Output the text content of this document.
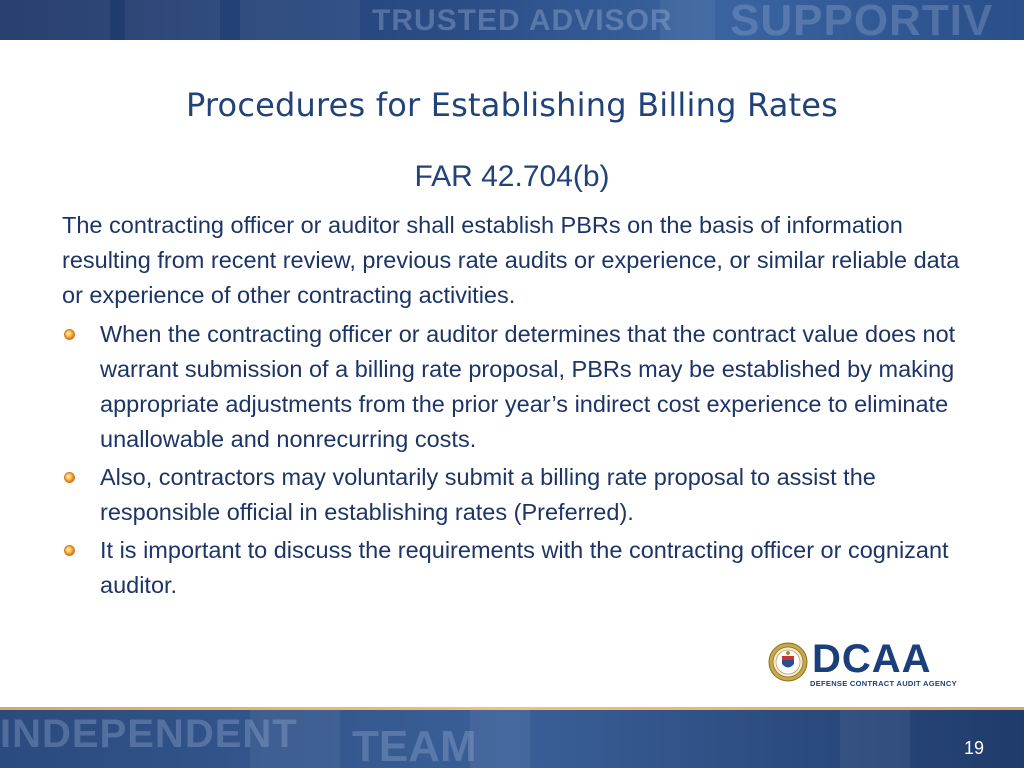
TRUSTED ADVISOR SUPPORTIV
Procedures for Establishing Billing Rates
FAR 42.704(b)

The contracting officer or auditor shall establish PBRs on the basis of information resulting from recent review, previous rate audits or experience, or similar reliable data or experience of other contracting activities.

When the contracting officer or auditor determines that the contract value does not warrant submission of a billing rate proposal, PBRs may be established by making appropriate adjustments from the prior year’s indirect cost experience to eliminate unallowable and nonrecurring costs.
Also, contractors may voluntarily submit a billing rate proposal to assist the responsible official in establishing rates (Preferred).
It is important to discuss the requirements with the contracting officer or cognizant auditor.
DCAA
DEFENSE CONTRACT AUDIT AGENCY
INDEPENDENT TEAM	19
